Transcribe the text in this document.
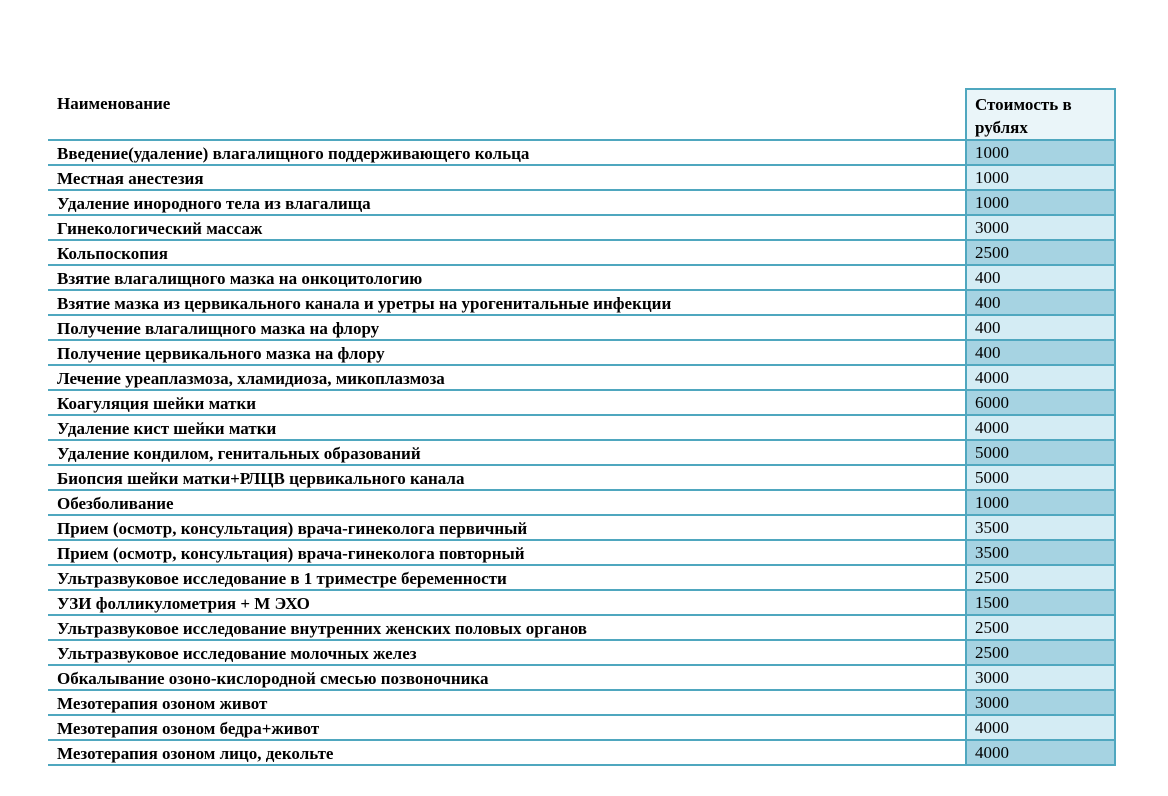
Наименование	Стоимость в
рублях
Введение(удаление) влагалищного поддерживающего кольца	1000
Местная анестезия	1000
Удаление инородного тела из влагалища	1000
Гинекологический массаж	3000
Кольпоскопия	2500
Взятие влагалищного мазка на онкоцитологию	400
Взятие мазка из цервикального канала и уретры на урогенитальные инфекции	400
Получение влагалищного мазка на флору	400
Получение цервикального мазка на флору	400
Лечение уреаплазмоза, хламидиоза, микоплазмоза	4000
Коагуляция шейки матки	6000
Удаление кист шейки матки	4000
Удаление кондилом, генитальных образований	5000
Биопсия шейки матки+РЛЦВ цервикального канала	5000
Обезболивание	1000
Прием (осмотр, консультация) врача-гинеколога первичный	3500
Прием (осмотр, консультация) врача-гинеколога повторный	3500
Ультразвуковое исследование в 1 триместре беременности	2500
УЗИ фолликулометрия + М ЭХО	1500
Ультразвуковое исследование внутренних женских половых органов	2500
Ультразвуковое исследование молочных желез	2500
Обкалывание озоно-кислородной смесью позвоночника	3000
Мезотерапия озоном живот	3000
Мезотерапия озоном бедра+живот	4000
Мезотерапия озоном лицо, декольте	4000
